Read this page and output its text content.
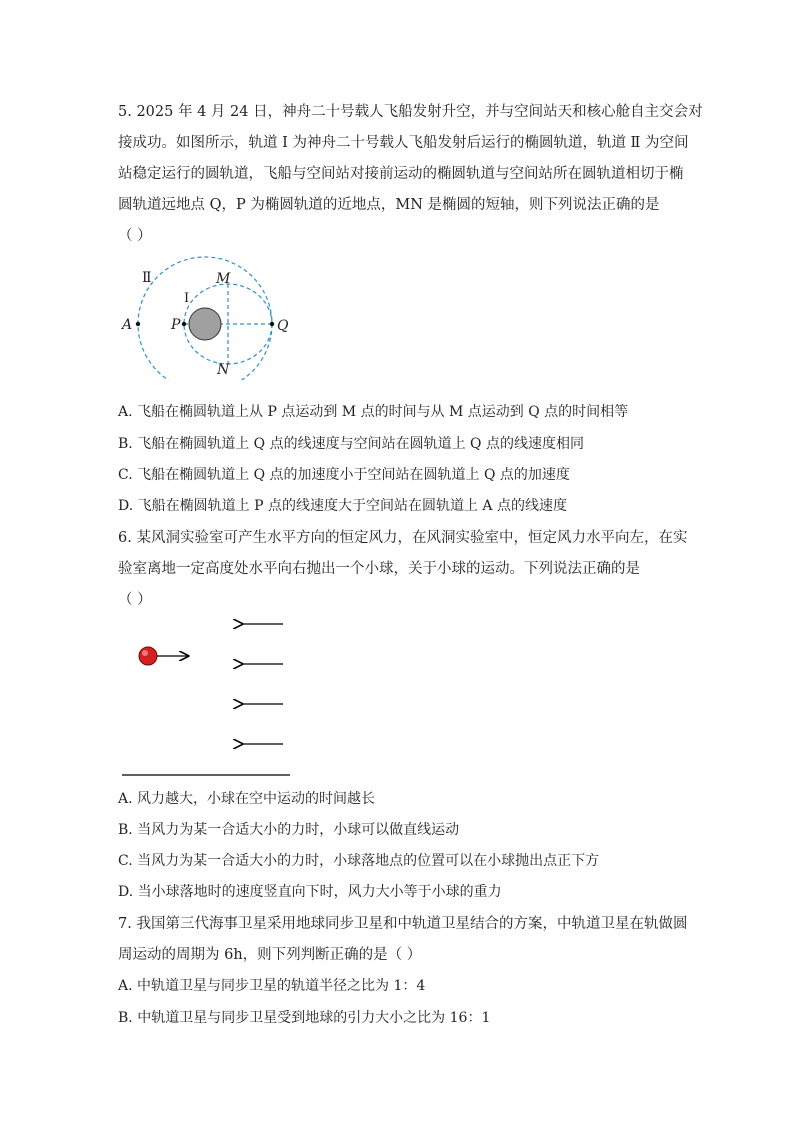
5. 2025 年 4 月 24 日，神舟二十号载人飞船发射升空，并与空间站天和核心舱自主交会对
接成功。如图所示，轨道 Ⅰ 为神舟二十号载人飞船发射后运行的椭圆轨道，轨道 Ⅱ 为空间
站稳定运行的圆轨道，飞船与空间站对接前运动的椭圆轨道与空间站所在圆轨道相切于椭
圆轨道远地点 Q，P 为椭圆轨道的近地点，MN 是椭圆的短轴，则下列说法正确的是
（ ）
Ⅱ
Ⅰ
A	P	Q
M
N
A. 飞船在椭圆轨道上从 P 点运动到 M 点的时间与从 M 点运动到 Q 点的时间相等
B. 飞船在椭圆轨道上 Q 点的线速度与空间站在圆轨道上 Q 点的线速度相同
C. 飞船在椭圆轨道上 Q 点的加速度小于空间站在圆轨道上 Q 点的加速度
D. 飞船在椭圆轨道上 P 点的线速度大于空间站在圆轨道上 A 点的线速度
6. 某风洞实验室可产生水平方向的恒定风力，在风洞实验室中，恒定风力水平向左，在实
验室离地一定高度处水平向右抛出一个小球，关于小球的运动。下列说法正确的是
（ ）
A. 风力越大，小球在空中运动的时间越长
B. 当风力为某一合适大小的力时，小球可以做直线运动
C. 当风力为某一合适大小的力时，小球落地点的位置可以在小球抛出点正下方
D. 当小球落地时的速度竖直向下时，风力大小等于小球的重力
7. 我国第三代海事卫星采用地球同步卫星和中轨道卫星结合的方案，中轨道卫星在轨做圆
周运动的周期为 6h，则下列判断正确的是（ ）
A. 中轨道卫星与同步卫星的轨道半径之比为 1：4
B. 中轨道卫星与同步卫星受到地球的引力大小之比为 16：1
